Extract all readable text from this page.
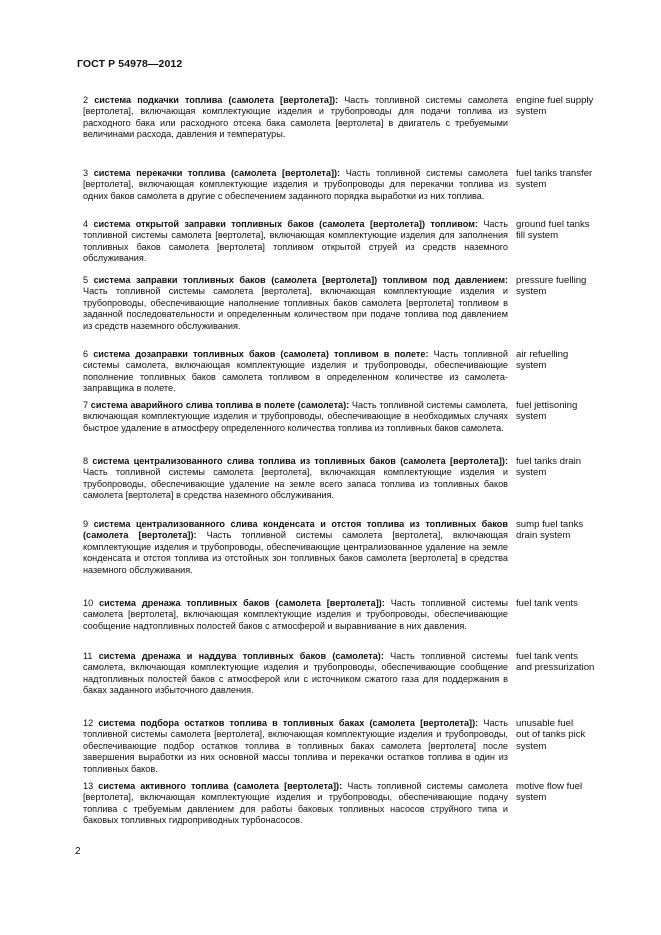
ГОСТ Р 54978—2012
2 система подкачки топлива (самолета [вертолета]): Часть топливной системы самолета [вертолета], включающая комплектующие изделия и трубопроводы для подачи топлива из расходного бака или расходного отсека бака самолета [вертолета] в двигатель с требуемыми величинами расхода, давления и температуры.
engine fuel supply
system
3 система перекачки топлива (самолета [вертолета]): Часть топливной системы самолета [вертолета], включающая комплектующие изделия и трубопроводы для перекачки топлива из одних баков самолета в другие с обеспечением заданного порядка выработки из них топлива.
fuel tanks transfer
system
4 система открытой заправки топливных баков (самолета [вертолета]) топливом: Часть топливной системы самолета [вертолета], включающая комплектующие изделия для заполнения топливных баков самолета [вертолета] топливом открытой струей из средств наземного обслуживания.
ground fuel tanks
fill system
5 система заправки топливных баков (самолета [вертолета]) топливом под давлением: Часть топливной системы самолета [вертолета], включающая комплектующие изделия и трубопроводы, обеспечивающие наполнение топливных баков самолета [вертолета] топливом в заданной последовательности и определенным количеством при подаче топлива под давлением из средств наземного обслуживания.
pressure fuelling
system
6 система дозаправки топливных баков (самолета) топливом в полете: Часть топливной системы самолета, включающая комплектующие изделия и трубопроводы, обеспечивающие пополнение топливных баков самолета топливом в определенном количестве из самолета-заправщика в полете.
air refuelling
system
7 система аварийного слива топлива в полете (самолета): Часть топливной системы самолета, включающая комплектующие изделия и трубопроводы, обеспечивающие в необходимых случаях быстрое удаление в атмосферу определенного количества топлива из топливных баков самолета.
fuel jettisoning
system
8 система централизованного слива топлива из топливных баков (самолета [вертолета]): Часть топливной системы самолета [вертолета], включающая комплектующие изделия и трубопроводы, обеспечивающие удаление на земле всего запаса топлива из топливных баков самолета [вертолета] в средства наземного обслуживания.
fuel tanks drain
system
9 система централизованного слива конденсата и отстоя топлива из топливных баков (самолета [вертолета]): Часть топливной системы самолета [вертолета], включающая комплектующие изделия и трубопроводы, обеспечивающие централизованное удаление на земле конденсата и отстоя топлива из отстойных зон топливных баков самолета [вертолета] в средства наземного обслуживания.
sump fuel tanks
drain system
10 система дренажа топливных баков (самолета [вертолета]): Часть топливной системы самолета [вертолета], включающая комплектующие изделия и трубопроводы, обеспечивающие сообщение надтопливных полостей баков с атмосферой и выравнивание в них давления.
fuel tank vents
11 система дренажа и наддува топливных баков (самолета): Часть топливной системы самолета, включающая комплектующие изделия и трубопроводы, обеспечивающие сообщение надтопливных полостей баков с атмосферой или с источником сжатого газа для поддержания в баках заданного избыточного давления.
fuel tank vents
and pressurization
12 система подбора остатков топлива в топливных баках (самолета [вертолета]): Часть топливной системы самолета [вертолета], включающая комплектующие изделия и трубопроводы, обеспечивающие подбор остатков топлива в топливных баках самолета [вертолета] после завершения выработки из них основной массы топлива и перекачки остатков топлива в один из топливных баков.
unusable fuel
out of tanks pick
system
13 система активного топлива (самолета [вертолета]): Часть топливной системы самолета [вертолета], включающая комплектующие изделия и трубопроводы, обеспечивающие подачу топлива с требуемым давлением для работы баковых топливных насосов струйного типа и баковых топливных гидроприводных турбонасосов.
motive flow fuel
system
2
